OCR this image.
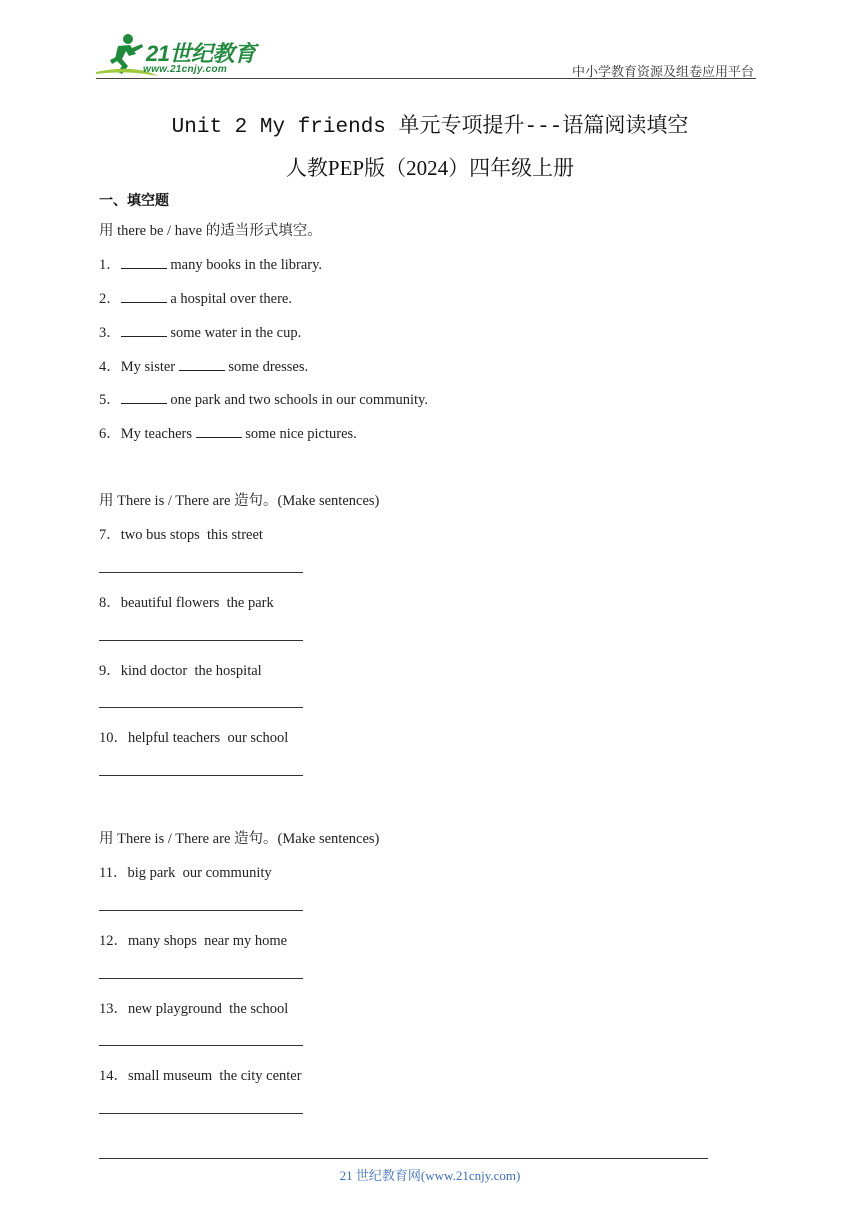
21世纪教育
www.21cnjy.com	中小学教育资源及组卷应用平台
Unit 2 My friends 单元专项提升---语篇阅读填空
人教PEP版（2024）四年级上册
一、填空题
用 there be / have 的适当形式填空。
1．	many books in the library.
2．	a hospital over there.
3．	some water in the cup.
4．My sister	some dresses.
5．	one park and two schools in our community.
6．My teachers	some nice pictures.
用 There is / There are 造句。(Make sentences)
7．two bus stops  this street
8．beautiful flowers  the park
9．kind doctor  the hospital
10．helpful teachers  our school
用 There is / There are 造句。(Make sentences)
11．big park  our community
12．many shops  near my home
13．new playground  the school
14．small museum  the city center
21 世纪教育网(www.21cnjy.com)
